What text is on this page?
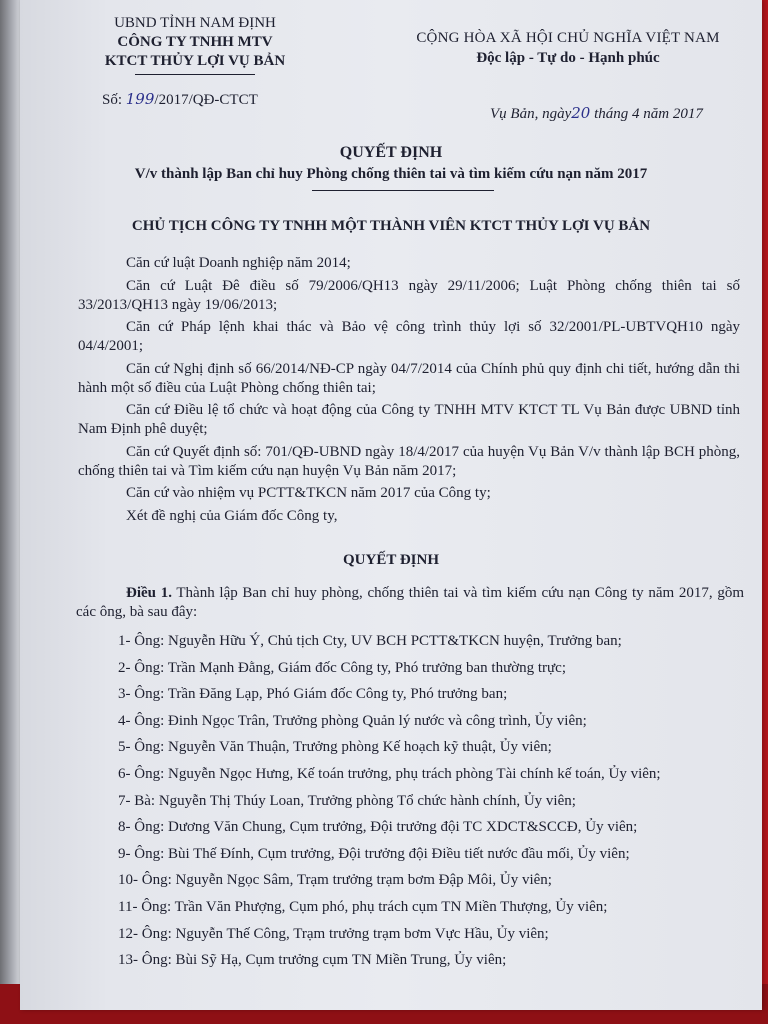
UBND TỈNH NAM ĐỊNH
CÔNG TY TNHH MTV
KTCT THỦY LỢI VỤ BẢN
CỘNG HÒA XÃ HỘI CHỦ NGHĨA VIỆT NAM
Độc lập - Tự do - Hạnh phúc
Số: 199/2017/QĐ-CTCT
Vụ Bản, ngày20 tháng 4 năm 2017
QUYẾT ĐỊNH
V/v thành lập Ban chỉ huy Phòng chống thiên tai và tìm kiếm cứu nạn năm 2017
CHỦ TỊCH CÔNG TY TNHH MỘT THÀNH VIÊN KTCT THỦY LỢI VỤ BẢN

Căn cứ luật Doanh nghiệp năm 2014;

Căn cứ Luật Đê điều số 79/2006/QH13 ngày 29/11/2006; Luật Phòng chống thiên tai số 33/2013/QH13 ngày 19/06/2013;

Căn cứ Pháp lệnh khai thác và Bảo vệ công trình thủy lợi số 32/2001/PL-UBTVQH10 ngày 04/4/2001;

Căn cứ Nghị định số 66/2014/NĐ-CP ngày 04/7/2014 của Chính phủ quy định chi tiết, hướng dẫn thi hành một số điều của Luật Phòng chống thiên tai;

Căn cứ Điều lệ tổ chức và hoạt động của Công ty TNHH MTV KTCT TL Vụ Bản được UBND tỉnh Nam Định phê duyệt;

Căn cứ Quyết định số: 701/QĐ-UBND ngày 18/4/2017 của huyện Vụ Bản V/v thành lập BCH phòng, chống thiên tai và Tìm kiếm cứu nạn huyện Vụ Bản năm 2017;

Căn cứ vào nhiệm vụ PCTT&TKCN năm 2017 của Công ty;

Xét đề nghị của Giám đốc Công ty,

QUYẾT ĐỊNH
Điều 1. Thành lập Ban chỉ huy phòng, chống thiên tai và tìm kiếm cứu nạn Công ty năm 2017, gồm các ông, bà sau đây:
1- Ông: Nguyễn Hữu Ý, Chủ tịch Cty, UV BCH PCTT&TKCN huyện, Trưởng ban;
2- Ông: Trần Mạnh Đằng, Giám đốc Công ty, Phó trưởng ban thường trực;
3- Ông: Trần Đăng Lạp, Phó Giám đốc Công ty, Phó trưởng ban;
4- Ông: Đinh Ngọc Trân, Trưởng phòng Quản lý nước và công trình, Ủy viên;
5- Ông: Nguyễn Văn Thuận, Trưởng phòng Kế hoạch kỹ thuật, Ủy viên;
6- Ông: Nguyễn Ngọc Hưng, Kế toán trưởng, phụ trách phòng Tài chính kế toán, Ủy viên;
7- Bà: Nguyễn Thị Thúy Loan, Trưởng phòng Tổ chức hành chính, Ủy viên;
8- Ông: Dương Văn Chung, Cụm trưởng, Đội trưởng đội TC XDCT&SCCĐ, Ủy viên;
9- Ông: Bùi Thế Đính, Cụm trưởng, Đội trưởng đội Điều tiết nước đầu mối, Ủy viên;
10- Ông: Nguyễn Ngọc Sâm, Trạm trưởng trạm bơm Đập Môi, Ủy viên;
11- Ông: Trần Văn Phượng, Cụm phó, phụ trách cụm TN Miền Thượng, Ủy viên;
12- Ông: Nguyễn Thế Công, Trạm trưởng trạm bơm Vực Hầu, Ủy viên;
13- Ông: Bùi Sỹ Hạ, Cụm trưởng cụm TN Miền Trung, Ủy viên;
